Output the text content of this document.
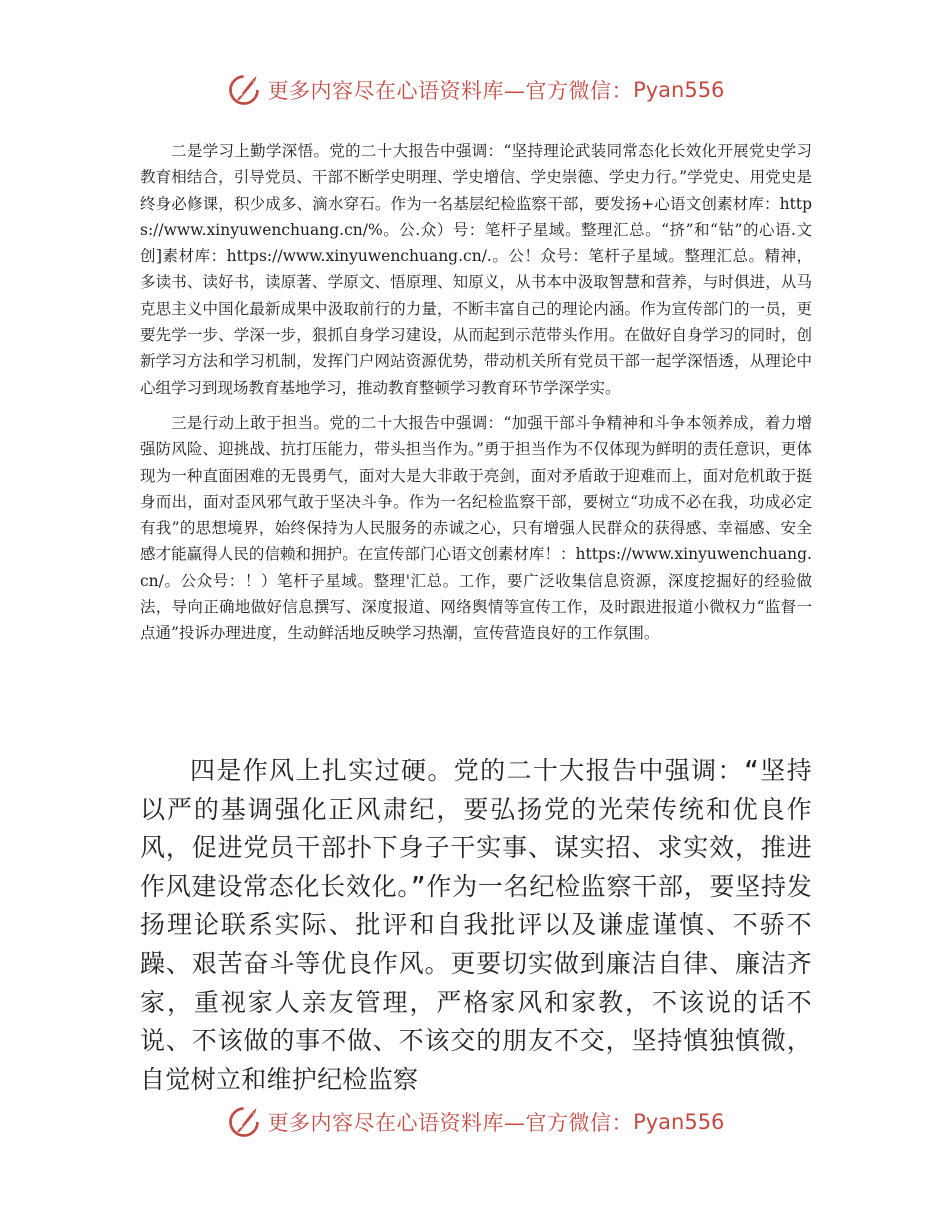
更多内容尽在心语资料库—官方微信： Pyan556

二是学习上勤学深悟。党的二十大报告中强调：“坚持理论武装同常态化长效化开展党史学习教育相结合，引导党员、干部不断学史明理、学史增信、学史崇德、学史力行。”学党史、用党史是终身必修课，积少成多、滴水穿石。作为一名基层纪检监察干部，要发扬+心语文创素材库：https://www.xinyuwenchuang.cn/%。公.众）号：笔杆子星域。整理汇总。“挤”和“钻”的心语.文创]素材库：https://www.xinyuwenchuang.cn/.。公！众号：笔杆子星域。整理汇总。精神，多读书、读好书，读原著、学原文、悟原理、知原义，从书本中汲取智慧和营养，与时俱进，从马克思主义中国化最新成果中汲取前行的力量，不断丰富自己的理论内涵。作为宣传部门的一员，更要先学一步、学深一步，狠抓自身学习建设，从而起到示范带头作用。在做好自身学习的同时，创新学习方法和学习机制，发挥门户网站资源优势，带动机关所有党员干部一起学深悟透，从理论中心组学习到现场教育基地学习，推动教育整顿学习教育环节学深学实。

三是行动上敢于担当。党的二十大报告中强调：“加强干部斗争精神和斗争本领养成，着力增强防风险、迎挑战、抗打压能力，带头担当作为。”勇于担当作为不仅体现为鲜明的责任意识，更体现为一种直面困难的无畏勇气，面对大是大非敢于亮剑，面对矛盾敢于迎难而上，面对危机敢于挺身而出，面对歪风邪气敢于坚决斗争。作为一名纪检监察干部，要树立“功成不必在我，功成必定有我”的思想境界，始终保持为人民服务的赤诚之心，只有增强人民群众的获得感、幸福感、安全感才能赢得人民的信赖和拥护。在宣传部门心语文创素材库！：https://www.xinyuwenchuang.cn/。公众号：！）笔杆子星域。整理'汇总。工作，要广泛收集信息资源，深度挖掘好的经验做法，导向正确地做好信息撰写、深度报道、网络舆情等宣传工作，及时跟进报道小微权力“监督一点通”投诉办理进度，生动鲜活地反映学习热潮，宣传营造良好的工作氛围。

四是作风上扎实过硬。党的二十大报告中强调：“坚持以严的基调强化正风肃纪，要弘扬党的光荣传统和优良作风，促进党员干部扑下身子干实事、谋实招、求实效，推进作风建设常态化长效化。”作为一名纪检监察干部，要坚持发扬理论联系实际、批评和自我批评以及谦虚谨慎、不骄不躁、艰苦奋斗等优良作风。更要切实做到廉洁自律、廉洁齐家，重视家人亲友管理，严格家风和家教，不该说的话不说、不该做的事不做、不该交的朋友不交，坚持慎独慎微，自觉树立和维护纪检监察

更多内容尽在心语资料库—官方微信： Pyan556
